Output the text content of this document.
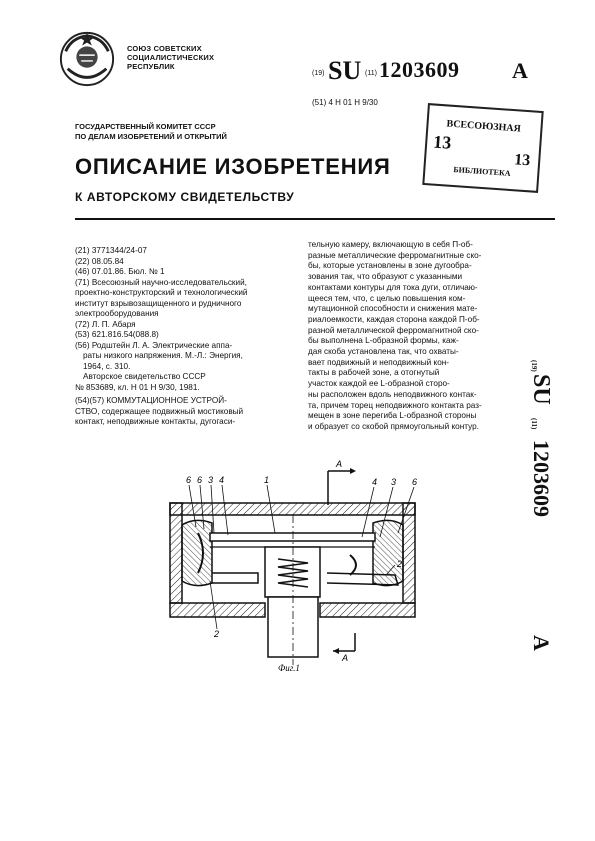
СОЮЗ СОВЕТСКИХ
СОЦИАЛИСТИЧЕСКИХ
РЕСПУБЛИК
(19) SU (11) 1203609 A
(51) 4 Н 01 Н 9/30
ВСЕСОЮЗНАЯ
13
13
БИБЛИОТЕКА
ГОСУДАРСТВЕННЫЙ КОМИТЕТ СССР
ПО ДЕЛАМ ИЗОБРЕТЕНИЙ И ОТКРЫТИЙ
ОПИСАНИЕ ИЗОБРЕТЕНИЯ
К АВТОРСКОМУ СВИДЕТЕЛЬСТВУ

(21) 3771344/24-07

(22) 08.05.84

(46) 07.01.86. Бюл. № 1

(71) Всесоюзный научно-исследовательский,

проектно-конструкторский и технологический

институт взрывозащищенного и рудничного

электрооборудования

(72) Л. П. Абаря

(53) 621.816.54(088.8)

(56) Родштейн Л. А. Электрические аппа-

раты низкого напряжения. М.-Л.: Энергия,

1964, с. 310.

Авторское свидетельство СССР

№ 853689, кл. Н 01 Н 9/30, 1981.

(54)(57) КОММУТАЦИОННОЕ УСТРОЙ-

СТВО, содержащее подвижный мостиковый

контакт, неподвижные контакты, дугогаси-

тельную камеру, включающую в себя П-об-
разные металлические ферромагнитные ско-
бы, которые установлены в зоне дугообра-
зования так, что образуют с указанными
контактами контуры для тока дуги, отличаю-
щееся тем, что, с целью повышения ком-
мутационной способности и снижения мате-
риалоемкости, каждая сторона каждой П-об-
разной металлической ферромагнитной ско-
бы выполнена L-образной формы, каж-
дая скоба установлена так, что охваты-
вает подвижный и неподвижный кон-
такты в рабочей зоне, а отогнутый
участок каждой ее L-образной сторо-
ны расположен вдоль неподвижного контак-
та, причем торец неподвижного контакта раз-
мещен в зоне перегиба L-образной стороны
и образует со скобой прямоугольный контур.
(19)
SU
(11)
1203609
A
А
6 6 3 4	1	4 3 6
2
2
А
Фиг.1
